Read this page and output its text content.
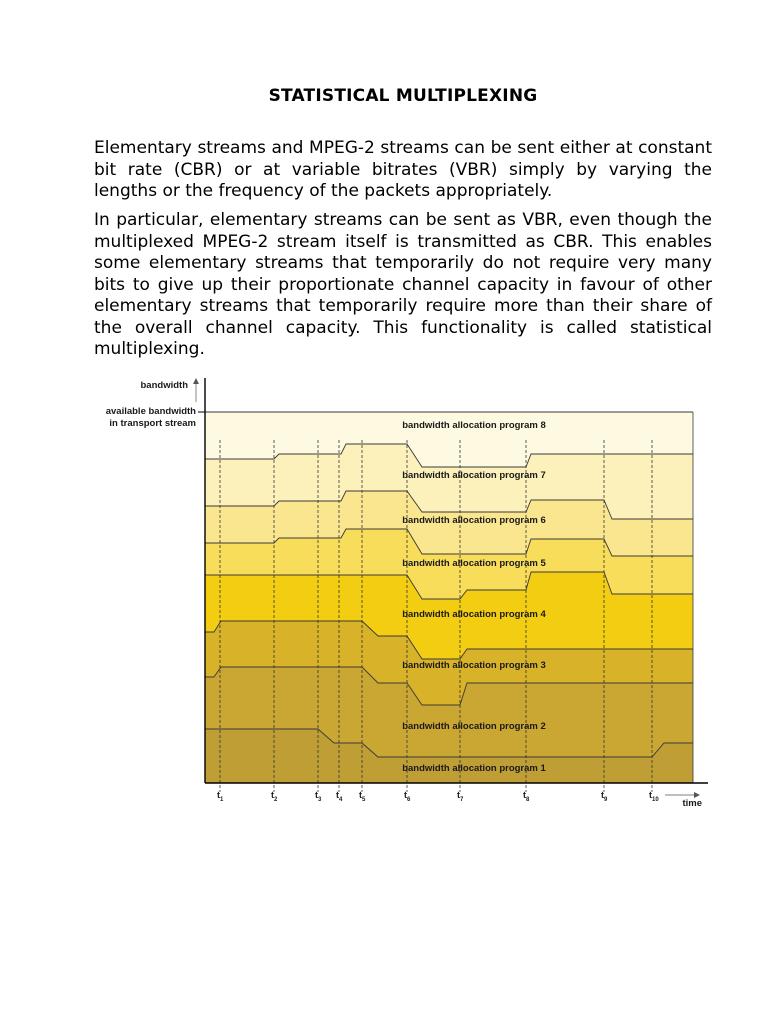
STATISTICAL MULTIPLEXING
Elementary streams and MPEG-2 streams can be sent either at constant bit rate (CBR) or at variable bitrates (VBR) simply by varying the lengths or the frequency of the packets appropriately.
In particular, elementary streams can be sent as VBR, even though the multiplexed MPEG-2 stream itself is transmitted as CBR. This enables some elementary streams that temporarily do not require very many bits to give up their proportionate channel capacity in favour of other elementary streams that temporarily require more than their share of the overall channel capacity. This functionality is called statistical multiplexing.
bandwidth allocation program 1
bandwidth allocation program 2
bandwidth allocation program 3
bandwidth allocation program 4
bandwidth allocation program 5
bandwidth allocation program 6
bandwidth allocation program 7
bandwidth allocation program 8
bandwidth
available bandwidth
in transport stream
time
$t_1$	$t_2$	$t_3$ $t_4$ $t_5$	$t_6$	$t_7$	$t_8$	$t_9$	$t_{10}$
